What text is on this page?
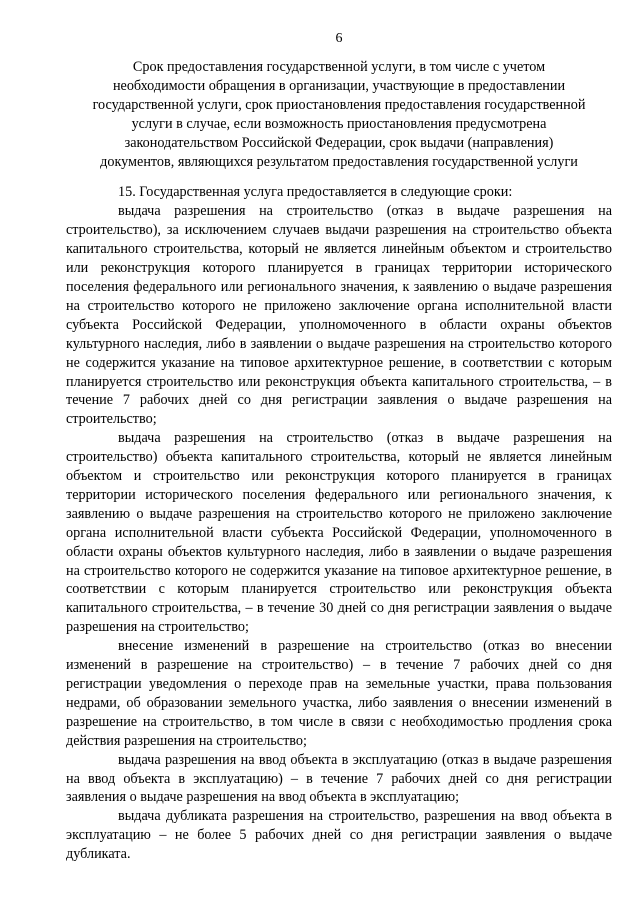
6
Срок предоставления государственной услуги, в том числе с учетом
необходимости обращения в организации, участвующие в предоставлении
государственной услуги, срок приостановления предоставления государственной
услуги в случае, если возможность приостановления предусмотрена
законодательством Российской Федерации, срок выдачи (направления)
документов, являющихся результатом предоставления государственной услуги

15. Государственная услуга предоставляется в следующие сроки:

выдача разрешения на строительство (отказ в выдаче разрешения на строительство), за исключением случаев выдачи разрешения на строительство объекта капитального строительства, который не является линейным объектом и строительство или реконструкция которого планируется в границах территории исторического поселения федерального или регионального значения, к заявлению о выдаче разрешения на строительство которого не приложено заключение органа исполнительной власти субъекта Российской Федерации, уполномоченного в области охраны объектов культурного наследия, либо в заявлении о выдаче разрешения на строительство которого не содержится указание на типовое архитектурное решение, в соответствии с которым планируется строительство или реконструкция объекта капитального строительства, – в течение 7 рабочих дней со дня регистрации заявления о выдаче разрешения на строительство;

выдача разрешения на строительство (отказ в выдаче разрешения на строительство) объекта капитального строительства, который не является линейным объектом и строительство или реконструкция которого планируется в границах территории исторического поселения федерального или регионального значения, к заявлению о выдаче разрешения на строительство которого не приложено заключение органа исполнительной власти субъекта Российской Федерации, уполномоченного в области охраны объектов культурного наследия, либо в заявлении о выдаче разрешения на строительство которого не содержится указание на типовое архитектурное решение, в соответствии с которым планируется строительство или реконструкция объекта капитального строительства, – в течение 30 дней со дня регистрации заявления о выдаче разрешения на строительство;

внесение изменений в разрешение на строительство (отказ во внесении изменений в разрешение на строительство) – в течение 7 рабочих дней со дня регистрации уведомления о переходе прав на земельные участки, права пользования недрами, об образовании земельного участка, либо заявления о внесении изменений в разрешение на строительство, в том числе в связи с необходимостью продления срока действия разрешения на строительство;

выдача разрешения на ввод объекта в эксплуатацию (отказ в выдаче разрешения на ввод объекта в эксплуатацию) – в течение 7 рабочих дней со дня регистрации заявления о выдаче разрешения на ввод объекта в эксплуатацию;

выдача дубликата разрешения на строительство, разрешения на ввод объекта в эксплуатацию – не более 5 рабочих дней со дня регистрации заявления о выдаче дубликата.
